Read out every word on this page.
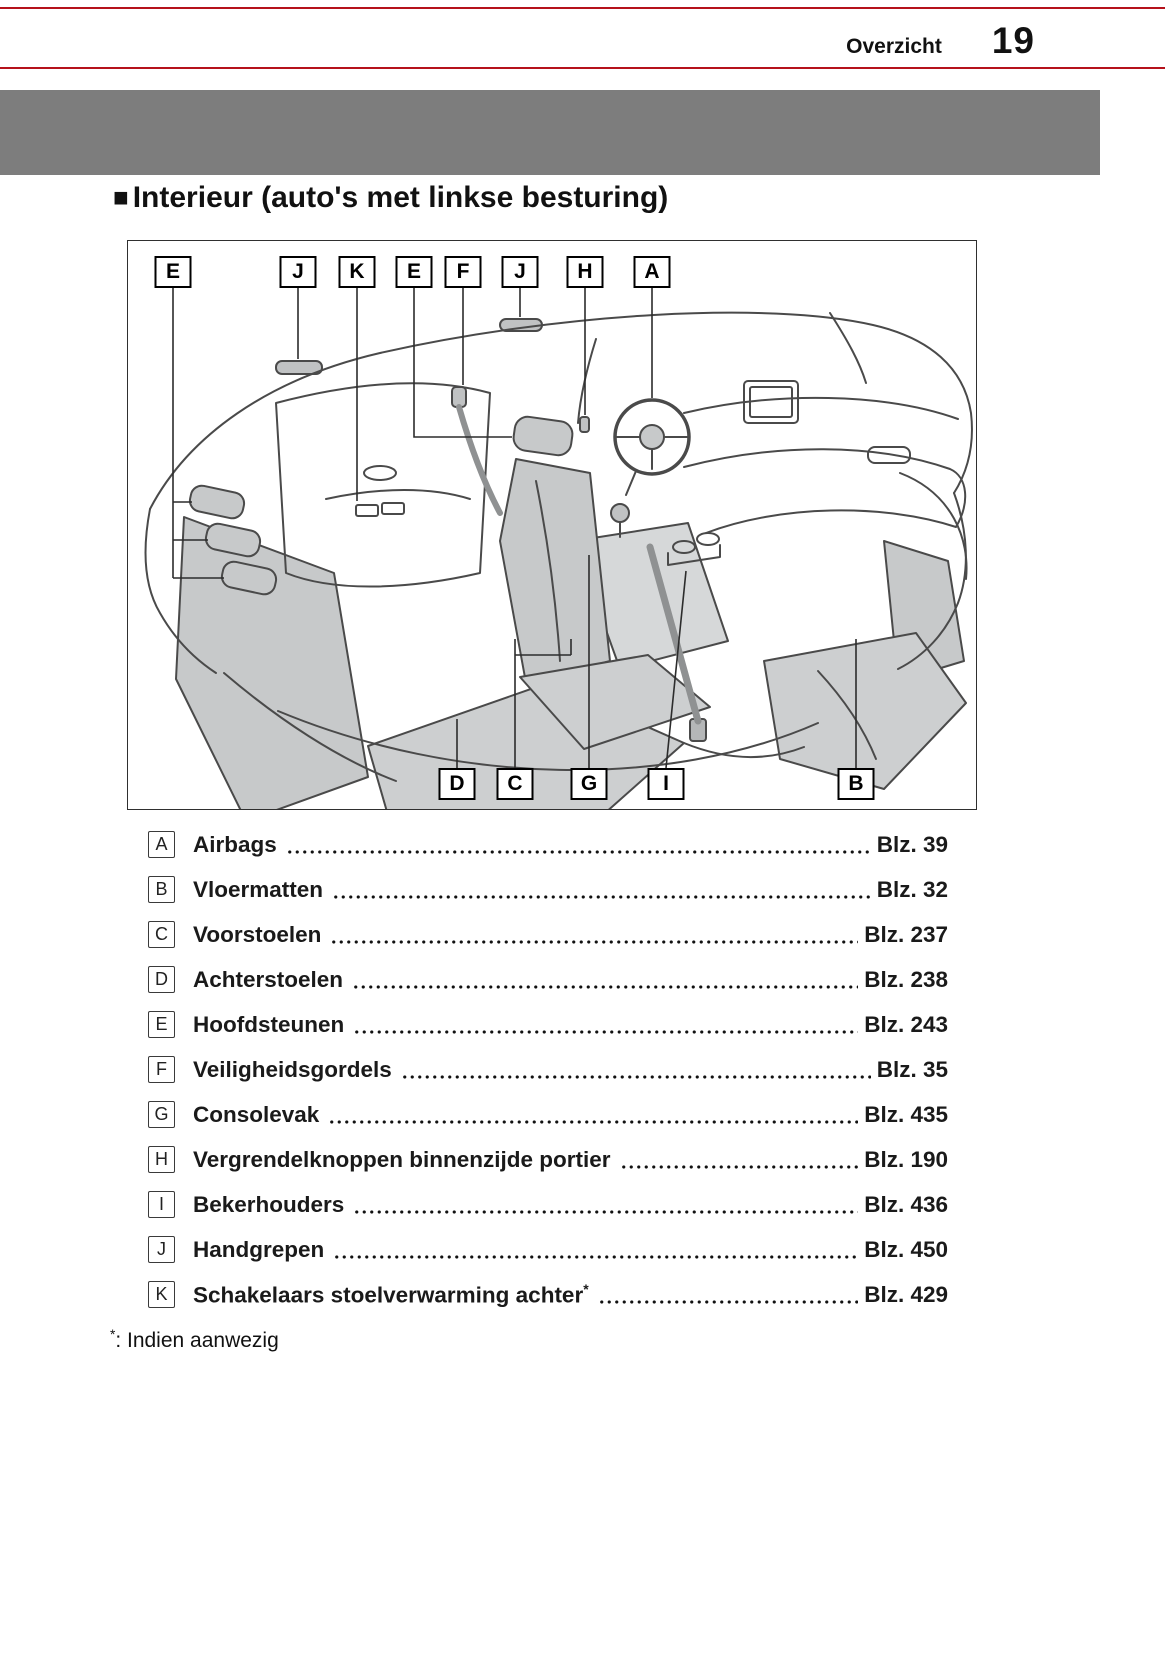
Overzicht 19
■ Interieur (auto's met linkse besturing)
E	J	K	E	F	J	H	A
D	C	G	I	B
A	Airbags	Blz. 39
B	Vloermatten	Blz. 32
C	Voorstoelen	Blz. 237
D	Achterstoelen	Blz. 238
E	Hoofdsteunen	Blz. 243
F	Veiligheidsgordels	Blz. 35
G Consolevak	Blz. 435
H	Vergrendelknoppen binnenzijde portier	Blz. 190
I	Bekerhouders	Blz. 436
J	Handgrepen	Blz. 450
K	Schakelaars stoelverwarming achter*	Blz. 429

*: Indien aanwezig
